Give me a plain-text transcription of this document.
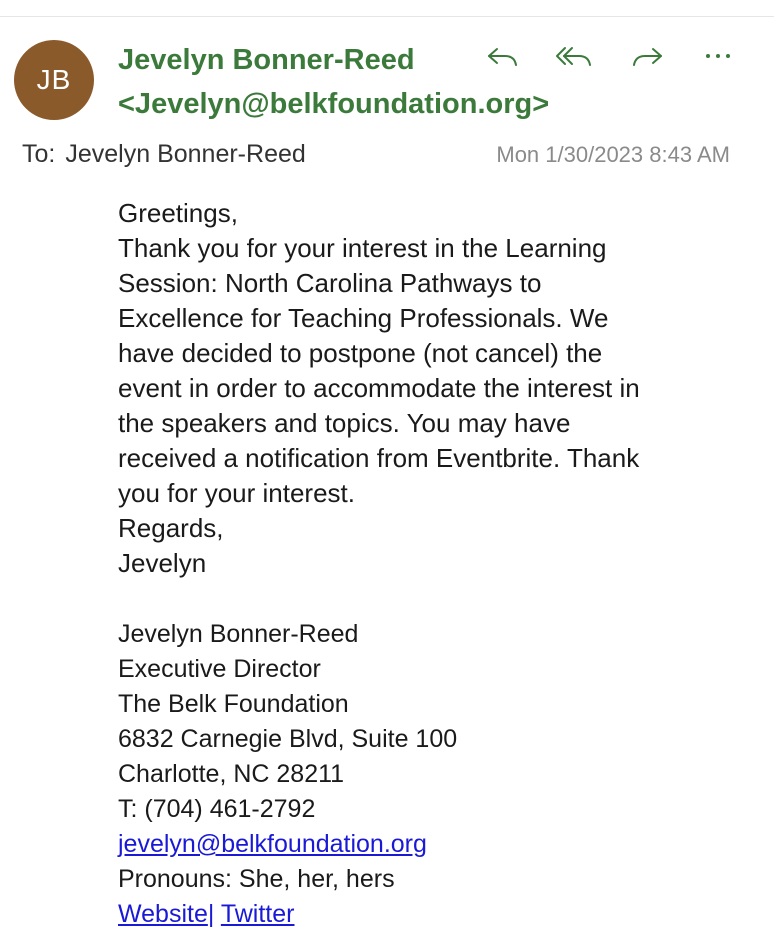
JB
Jevelyn Bonner-Reed
<Jevelyn@belkfoundation.org>
To: Jevelyn Bonner-Reed	Mon 1/30/2023 8:43 AM

Greetings,

Thank you for your interest in the Learning

Session: North Carolina Pathways to

Excellence for Teaching Professionals. We

have decided to postpone (not cancel) the

event in order to accommodate the interest in

the speakers and topics. You may have

received a notification from Eventbrite. Thank

you for your interest.

Regards,

Jevelyn

Jevelyn Bonner-Reed
Executive Director
The Belk Foundation
6832 Carnegie Blvd, Suite 100
Charlotte, NC 28211
T: (704) 461-2792
jevelyn@belkfoundation.org
Pronouns: She, her, hers
Website| Twitter
